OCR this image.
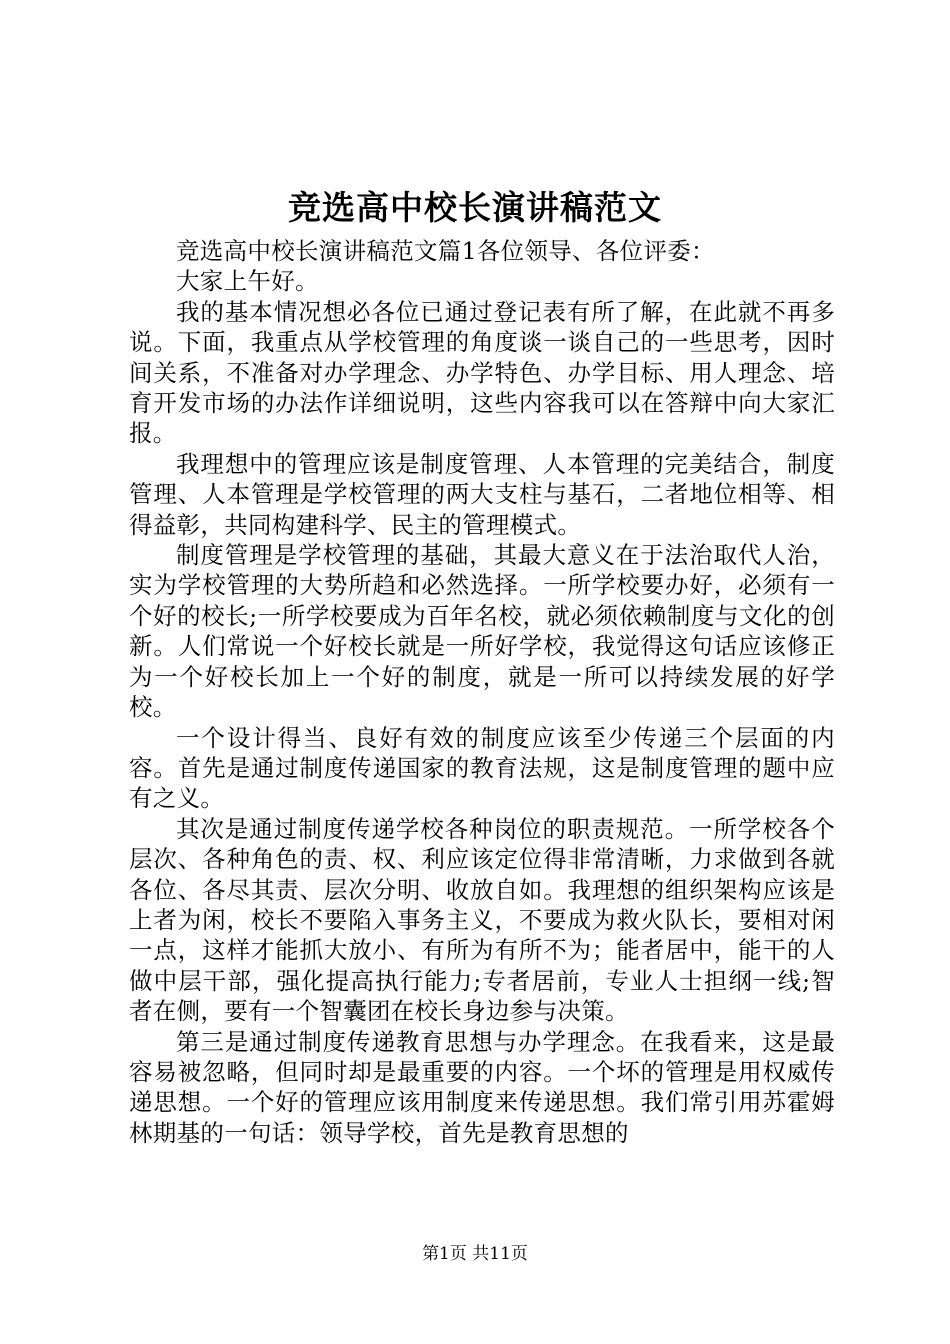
竞选高中校长演讲稿范文

竞选高中校长演讲稿范文篇1各位领导、各位评委：

大家上午好。

我的基本情况想必各位已通过登记表有所了解，在此就不再多说。下面，我重点从学校管理的角度谈一谈自己的一些思考，因时间关系，不准备对办学理念、办学特色、办学目标、用人理念、培育开发市场的办法作详细说明，这些内容我可以在答辩中向大家汇报。

我理想中的管理应该是制度管理、人本管理的完美结合，制度管理、人本管理是学校管理的两大支柱与基石，二者地位相等、相得益彰，共同构建科学、民主的管理模式。

制度管理是学校管理的基础，其最大意义在于法治取代人治，实为学校管理的大势所趋和必然选择。一所学校要办好，必须有一个好的校长;一所学校要成为百年名校，就必须依赖制度与文化的创新。人们常说一个好校长就是一所好学校，我觉得这句话应该修正为一个好校长加上一个好的制度，就是一所可以持续发展的好学校。

一个设计得当、良好有效的制度应该至少传递三个层面的内容。首先是通过制度传递国家的教育法规，这是制度管理的题中应有之义。

其次是通过制度传递学校各种岗位的职责规范。一所学校各个层次、各种角色的责、权、利应该定位得非常清晰，力求做到各就各位、各尽其责、层次分明、收放自如。我理想的组织架构应该是上者为闲，校长不要陷入事务主义，不要成为救火队长，要相对闲一点，这样才能抓大放小、有所为有所不为；能者居中，能干的人做中层干部，强化提高执行能力;专者居前，专业人士担纲一线;智者在侧，要有一个智囊团在校长身边参与决策。

第三是通过制度传递教育思想与办学理念。在我看来，这是最容易被忽略，但同时却是最重要的内容。一个坏的管理是用权威传递思想。一个好的管理应该用制度来传递思想。我们常引用苏霍姆林期基的一句话：领导学校，首先是教育思想的

第1页 共11页
